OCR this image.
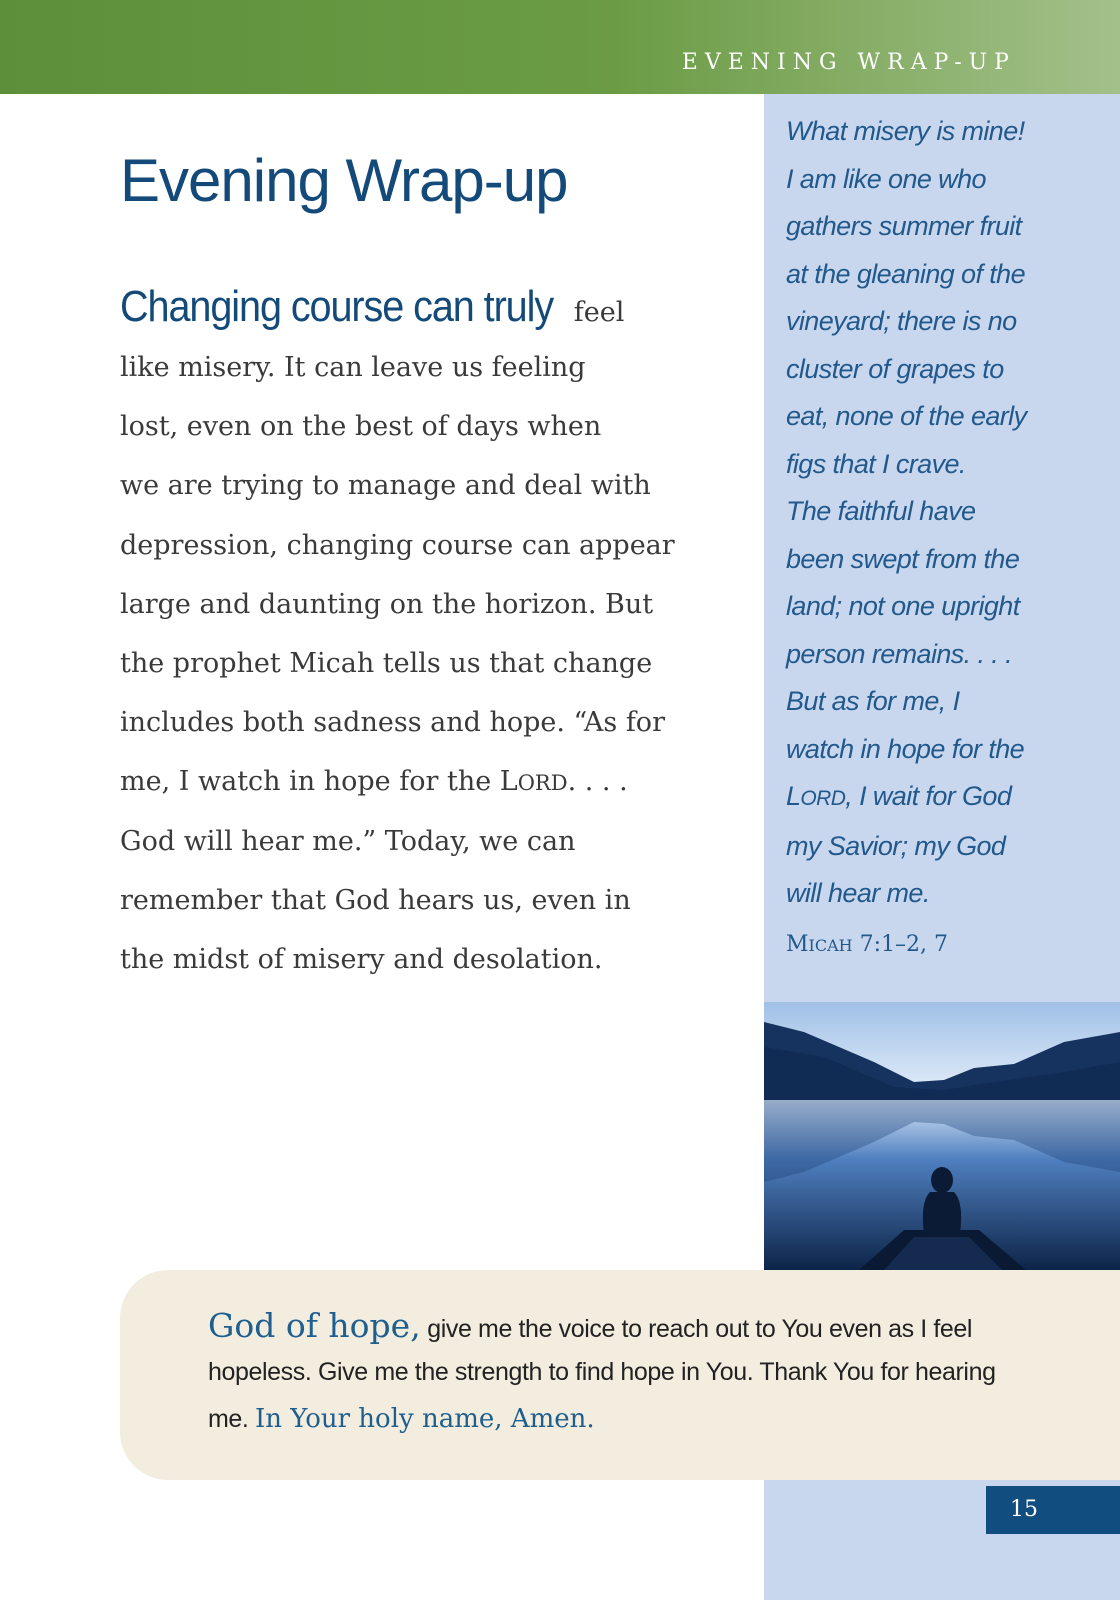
EVENING WRAP-UP
What misery is mine!
I am like one who
gathers summer fruit
at the gleaning of the
vineyard; there is no
cluster of grapes to
eat, none of the early
figs that I crave.
The faithful have
been swept from the
land; not one upright
person remains. . . .
But as for me, I
watch in hope for the
LORD, I wait for God
my Savior; my God
will hear me.
MICAH 7:1–2, 7
Evening Wrap-up
Changing course can truly feel
like misery. It can leave us feeling
lost, even on the best of days when
we are trying to manage and deal with
depression, changing course can appear
large and daunting on the horizon. But
the prophet Micah tells us that change
includes both sadness and hope. “As for
me, I watch in hope for the LORD. . . .
God will hear me.” Today, we can
remember that God hears us, even in
the midst of misery and desolation.
God of hope, give me the voice to reach out to You even as I feel
hopeless. Give me the strength to find hope in You. Thank You for hearing
me. In Your holy name, Amen.
15
